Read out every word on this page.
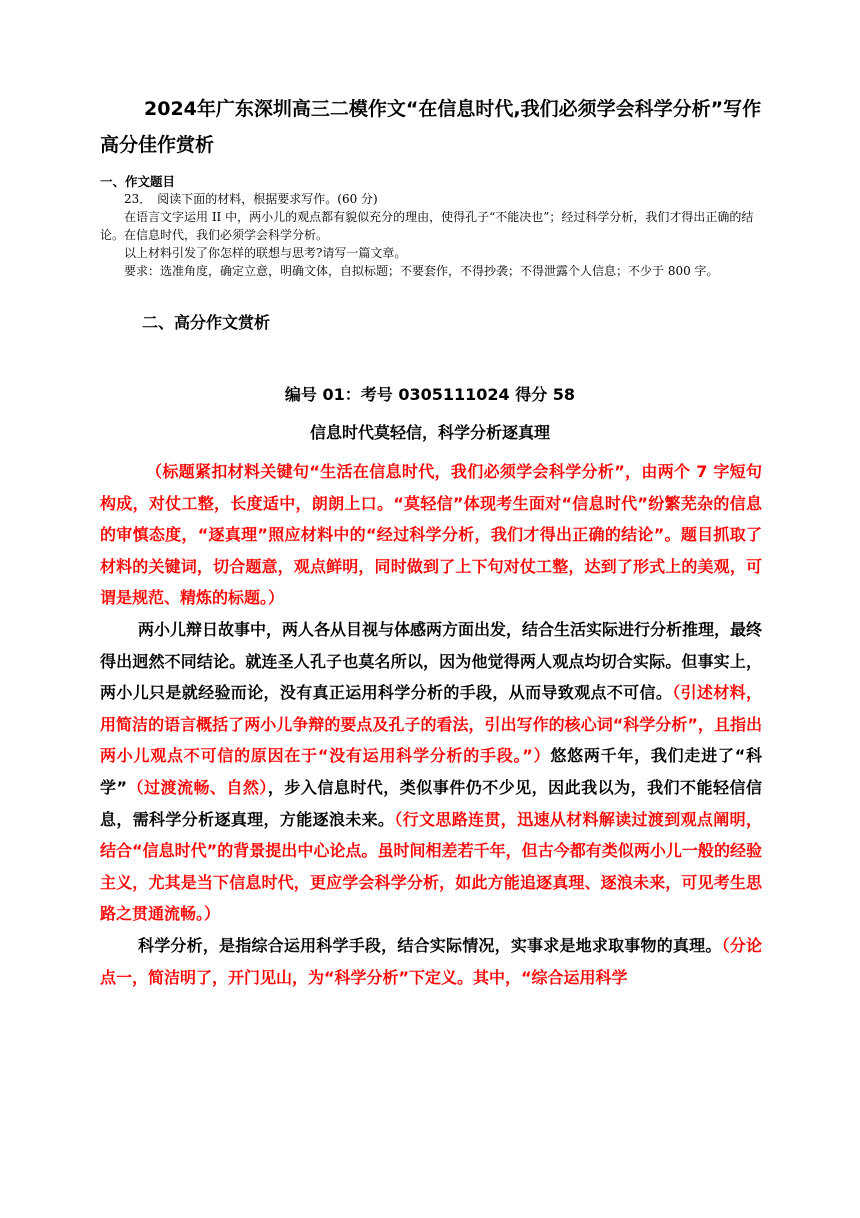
2024年广东深圳高三二模作文“在信息时代,我们必须学会科学分析”写作高分佳作赏析
一、作文题目

23．　阅读下面的材料，根据要求写作。(60 分)

在语言文字运用 II 中，两小儿的观点都有貌似充分的理由，使得孔子“不能决也”；经过科学分析，我们才得出正确的结论。在信息时代，我们必须学会科学分析。

以上材料引发了你怎样的联想与思考?请写一篇文章。

要求：选准角度，确定立意，明确文体，自拟标题；不要套作，不得抄袭；不得泄露个人信息；不少于 800 字。

二、高分作文赏析
编号 01：考号 0305111024 得分 58
信息时代莫轻信，科学分析逐真理

（标题紧扣材料关键句“生活在信息时代，我们必须学会科学分析”，由两个 7 字短句构成，对仗工整，长度适中，朗朗上口。“莫轻信”体现考生面对“信息时代”纷繁芜杂的信息的审慎态度，“逐真理”照应材料中的“经过科学分析，我们才得出正确的结论”。题目抓取了材料的关键词，切合题意，观点鲜明，同时做到了上下句对仗工整，达到了形式上的美观，可谓是规范、精炼的标题。）

两小儿辩日故事中，两人各从目视与体感两方面出发，结合生活实际进行分析推理，最终得出迥然不同结论。就连圣人孔子也莫名所以，因为他觉得两人观点均切合实际。但事实上，两小儿只是就经验而论，没有真正运用科学分析的手段，从而导致观点不可信。（引述材料，用简洁的语言概括了两小儿争辩的要点及孔子的看法，引出写作的核心词“科学分析”，且指出两小儿观点不可信的原因在于“没有运用科学分析的手段。”）悠悠两千年，我们走进了“科学”（过渡流畅、自然），步入信息时代，类似事件仍不少见，因此我以为，我们不能轻信信息，需科学分析逐真理，方能逐浪未来。（行文思路连贯，迅速从材料解读过渡到观点阐明，结合“信息时代”的背景提出中心论点。虽时间相差若千年，但古今都有类似两小儿一般的经验主义，尤其是当下信息时代，更应学会科学分析，如此方能追逐真理、逐浪未来，可见考生思路之贯通流畅。）

科学分析，是指综合运用科学手段，结合实际情况，实事求是地求取事物的真理。（分论点一，简洁明了，开门见山，为“科学分析”下定义。其中，“综合运用科学
